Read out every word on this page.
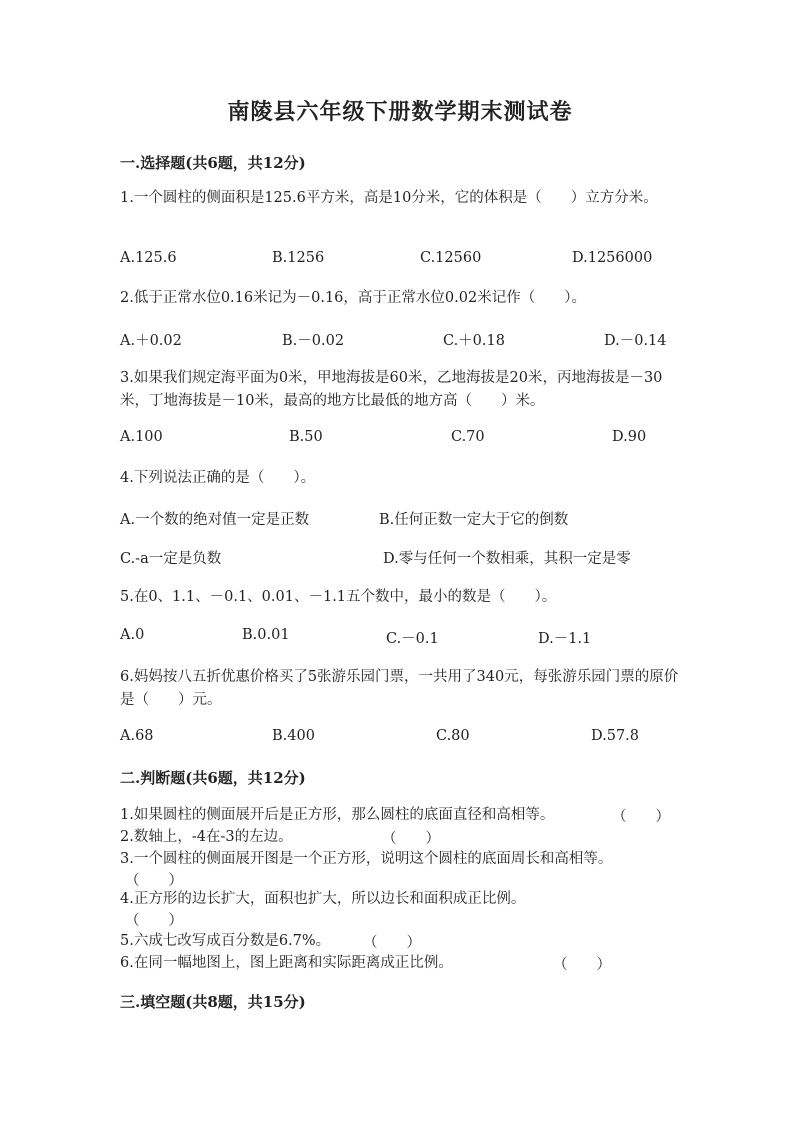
南陵县六年级下册数学期末测试卷
一.选择题(共6题，共12分)
1.一个圆柱的侧面积是125.6平方米，高是10分米，它的体积是（　　）立方分米。
A.125.6	B.1256	C.12560	D.1256000
2.低于正常水位0.16米记为－0.16，高于正常水位0.02米记作（　　）。
A.＋0.02	B.－0.02	C.＋0.18	D.－0.14
3.如果我们规定海平面为0米，甲地海拔是60米，乙地海拔是20米，丙地海拔是－30米，丁地海拔是－10米，最高的地方比最低的地方高（　　）米。
A.100	B.50	C.70	D.90
4.下列说法正确的是（　　）。
A.一个数的绝对值一定是正数	B.任何正数一定大于它的倒数
C.-a一定是负数	D.零与任何一个数相乘，其积一定是零
5.在0、1.1、－0.1、0.01、－1.1五个数中，最小的数是（　　）。
A.0	B.0.01	C.－0.1	D.－1.1
6.妈妈按八五折优惠价格买了5张游乐园门票，一共用了340元，每张游乐园门票的原价是（　　）元。
A.68	B.400	C.80	D.57.8
二.判断题(共6题，共12分)
1.如果圆柱的侧面展开后是正方形，那么圆柱的底面直径和高相等。	（　　）
2.数轴上，-4在-3的左边。	（　　）
3.一个圆柱的侧面展开图是一个正方形，说明这个圆柱的底面周长和高相等。
（　　）
4.正方形的边长扩大，面积也扩大，所以边长和面积成正比例。
（　　）
5.六成七改写成百分数是6.7%。	（　　）
6.在同一幅地图上，图上距离和实际距离成正比例。	（　　）
三.填空题(共8题，共15分)
